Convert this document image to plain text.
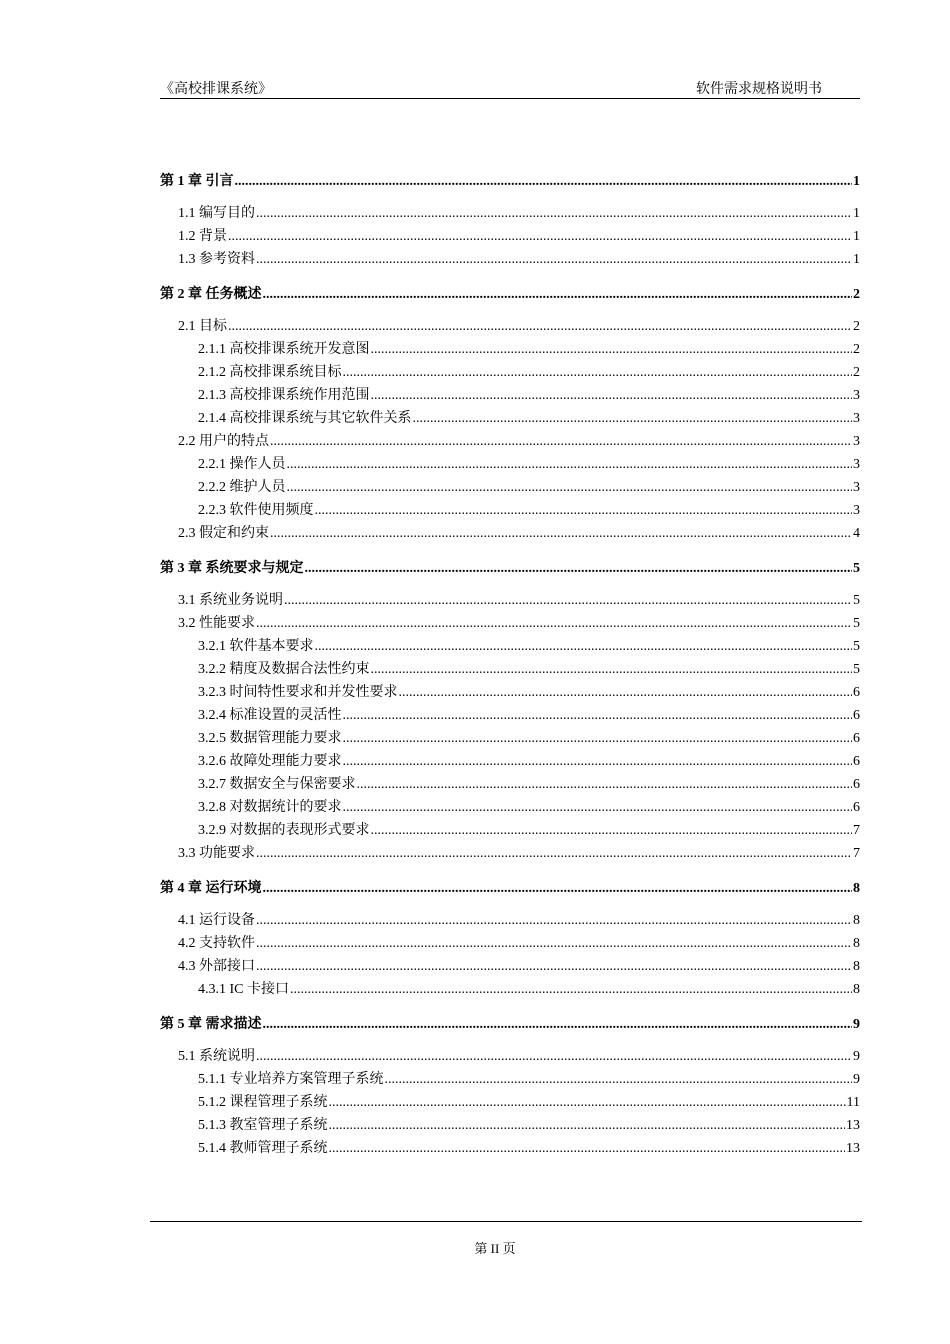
《高校排课系统》	软件需求规格说明书
第 1 章 引言 .....	1
1.1 编写目的 .....	1
1.2 背景 .....	1
1.3 参考资料 .....	1
第 2 章 任务概述 .....	2
2.1 目标 .....	2
2.1.1 高校排课系统开发意图 .....	2
2.1.2 高校排课系统目标 .....	2
2.1.3 高校排课系统作用范围 .....	3
2.1.4 高校排课系统与其它软件关系 .....	3
2.2 用户的特点 .....	3
2.2.1 操作人员 .....	3
2.2.2 维护人员 .....	3
2.2.3 软件使用频度 .....	3
2.3 假定和约束 .....	4
第 3 章 系统要求与规定 .....	5
3.1 系统业务说明 .....	5
3.2 性能要求 .....	5
3.2.1 软件基本要求 .....	5
3.2.2 精度及数据合法性约束 .....	5
3.2.3 时间特性要求和并发性要求 .....	6
3.2.4 标准设置的灵活性 .....	6
3.2.5 数据管理能力要求 .....	6
3.2.6 故障处理能力要求 .....	6
3.2.7 数据安全与保密要求 .....	6
3.2.8 对数据统计的要求 .....	6
3.2.9 对数据的表现形式要求 .....	7
3.3 功能要求 .....	7
第 4 章 运行环境 .....	8
4.1 运行设备 .....	8
4.2 支持软件 .....	8
4.3 外部接口 .....	8
4.3.1 IC 卡接口 .....	8
第 5 章 需求描述 .....	9
5.1 系统说明 .....	9
5.1.1 专业培养方案管理子系统 .....	9
5.1.2 课程管理子系统 .....	11
5.1.3 教室管理子系统 .....	13
5.1.4 教师管理子系统 .....	13
第 II 页
